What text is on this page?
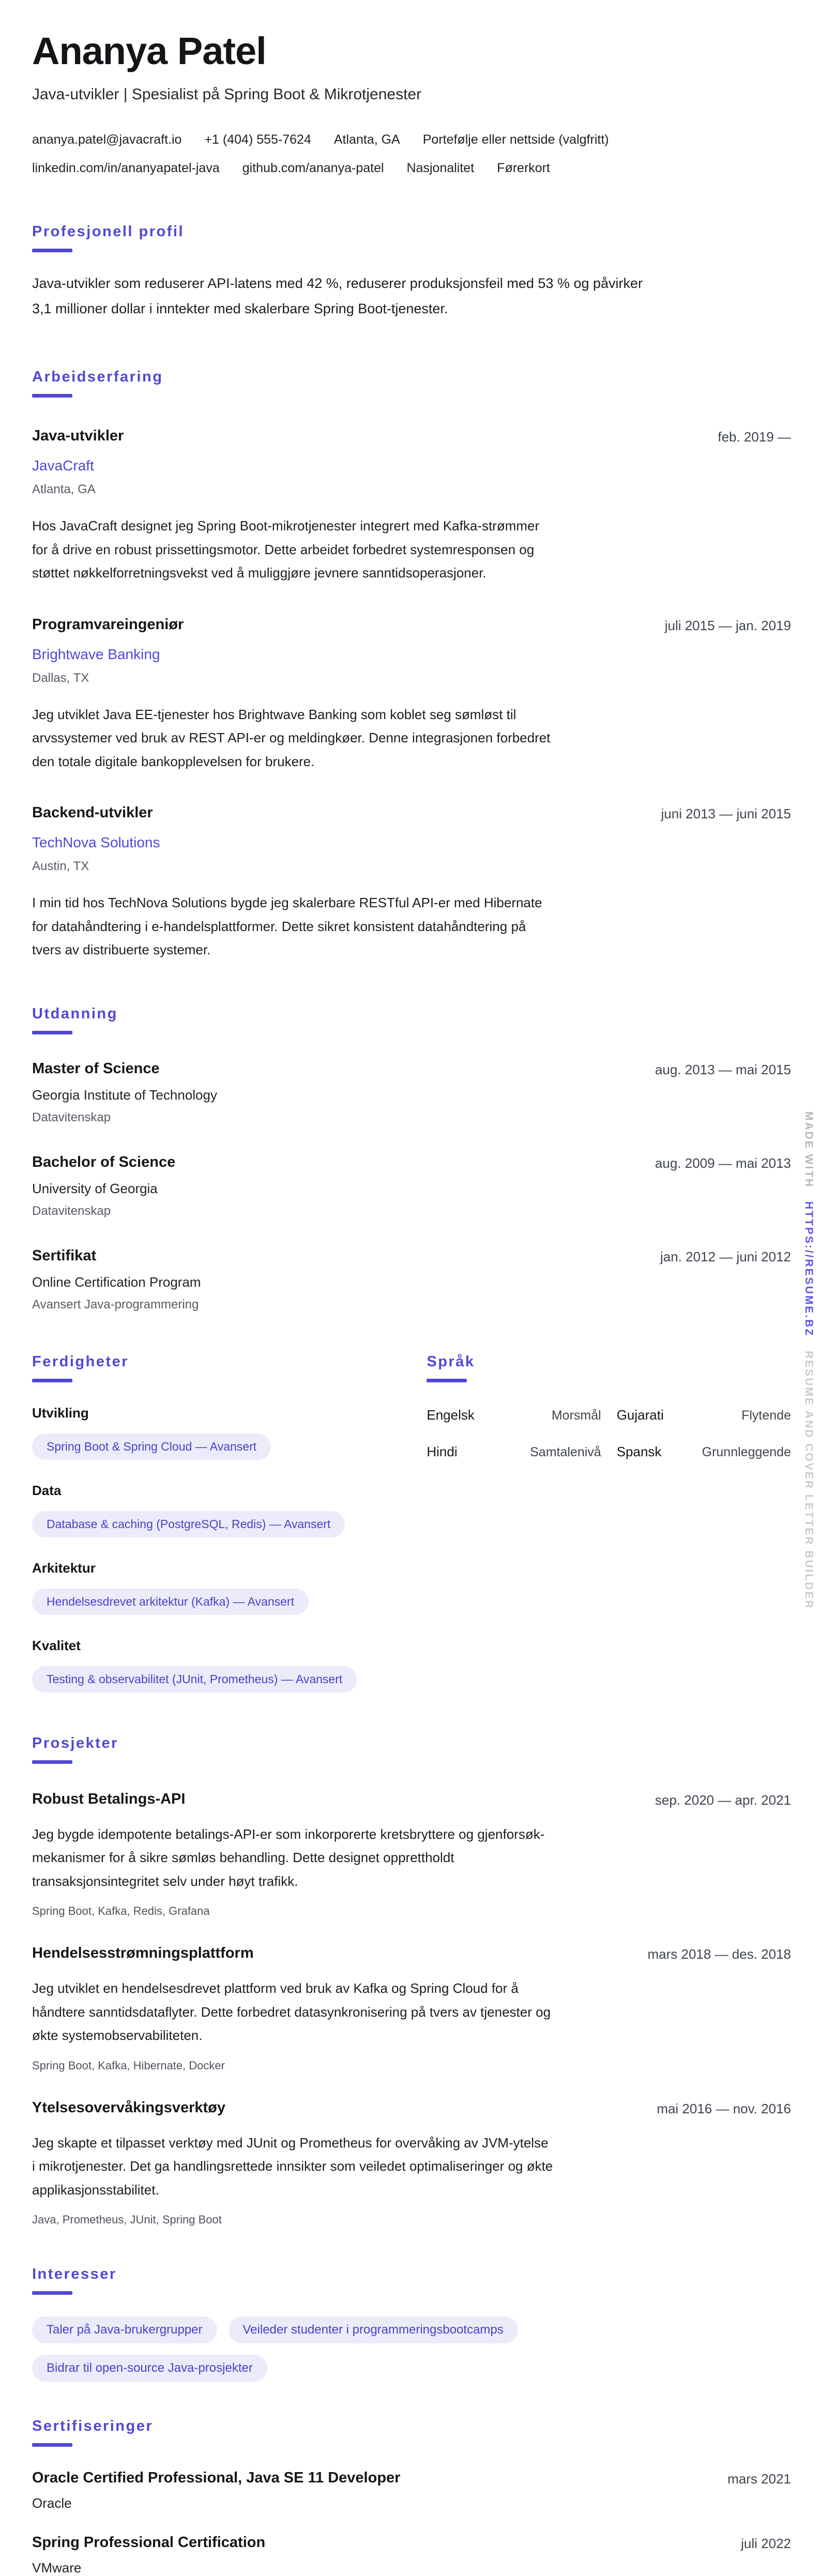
Ananya Patel
Java-utvikler | Spesialist på Spring Boot & Mikrotjenester
ananya.patel@javacraft.io +1 (404) 555-7624 Atlanta, GA Portefølje eller nettside (valgfritt)
linkedin.com/in/ananyapatel-java github.com/ananya-patel Nasjonalitet Førerkort
Profesjonell profil

Java-utvikler som reduserer API-latens med 42 %, reduserer produksjonsfeil med 53 % og påvirker 3,1 millioner dollar i inntekter med skalerbare Spring Boot-tjenester.

Arbeidserfaring
Java-utvikler	feb. 2019 —
JavaCraft
Atlanta, GA

Hos JavaCraft designet jeg Spring Boot-mikrotjenester integrert med Kafka-strømmer for å drive en robust prissettingsmotor. Dette arbeidet forbedret systemresponsen og støttet nøkkelforretningsvekst ved å muliggjøre jevnere sanntidsoperasjoner.

Programvareingeniør	juli 2015 — jan. 2019
Brightwave Banking
Dallas, TX

Jeg utviklet Java EE-tjenester hos Brightwave Banking som koblet seg sømløst til arvssystemer ved bruk av REST API-er og meldingkøer. Denne integrasjonen forbedret den totale digitale bankopplevelsen for brukere.

Backend-utvikler	juni 2013 — juni 2015
TechNova Solutions
Austin, TX

I min tid hos TechNova Solutions bygde jeg skalerbare RESTful API-er med Hibernate for datahåndtering i e-handelsplattformer. Dette sikret konsistent datahåndtering på tvers av distribuerte systemer.

Utdanning
Master of Science	aug. 2013 — mai 2015
Georgia Institute of Technology
Datavitenskap
Bachelor of Science	aug. 2009 — mai 2013
University of Georgia
Datavitenskap
Sertifikat	jan. 2012 — juni 2012
Online Certification Program
Avansert Java-programmering
Ferdigheter
Utvikling
Spring Boot & Spring Cloud — Avansert
Data
Database & caching (PostgreSQL, Redis) — Avansert
Arkitektur
Hendelsesdrevet arkitektur (Kafka) — Avansert
Kvalitet
Testing & observabilitet (JUnit, Prometheus) — Avansert
Språk
Engelsk	Morsmål Gujarati	Flytende
Hindi	Samtalenivå Spansk	Grunnleggende
Prosjekter
Robust Betalings-API	sep. 2020 — apr. 2021

Jeg bygde idempotente betalings-API-er som inkorporerte kretsbryttere og gjenforsøk-mekanismer for å sikre sømløs behandling. Dette designet opprettholdt transaksjonsintegritet selv under høyt trafikk.

Spring Boot, Kafka, Redis, Grafana
Hendelsesstrømningsplattform	mars 2018 — des. 2018

Jeg utviklet en hendelsesdrevet plattform ved bruk av Kafka og Spring Cloud for å håndtere sanntidsdataflyter. Dette forbedret datasynkronisering på tvers av tjenester og økte systemobservabiliteten.

Spring Boot, Kafka, Hibernate, Docker
Ytelsesovervåkingsverktøy	mai 2016 — nov. 2016

Jeg skapte et tilpasset verktøy med JUnit og Prometheus for overvåking av JVM-ytelse i mikrotjenester. Det ga handlingsrettede innsikter som veiledet optimaliseringer og økte applikasjonsstabilitet.

Java, Prometheus, JUnit, Spring Boot
Interesser
Taler på Java-brukergrupper	Veileder studenter i programmeringsbootcamps
Bidrar til open-source Java-prosjekter
Sertifiseringer
Oracle Certified Professional, Java SE 11 Developer	mars 2021
Oracle
Spring Professional Certification	juli 2022
VMware
MADE WITH
HTTPS://RESUME.BZ
RESUME AND COVER LETTER BUILDER
